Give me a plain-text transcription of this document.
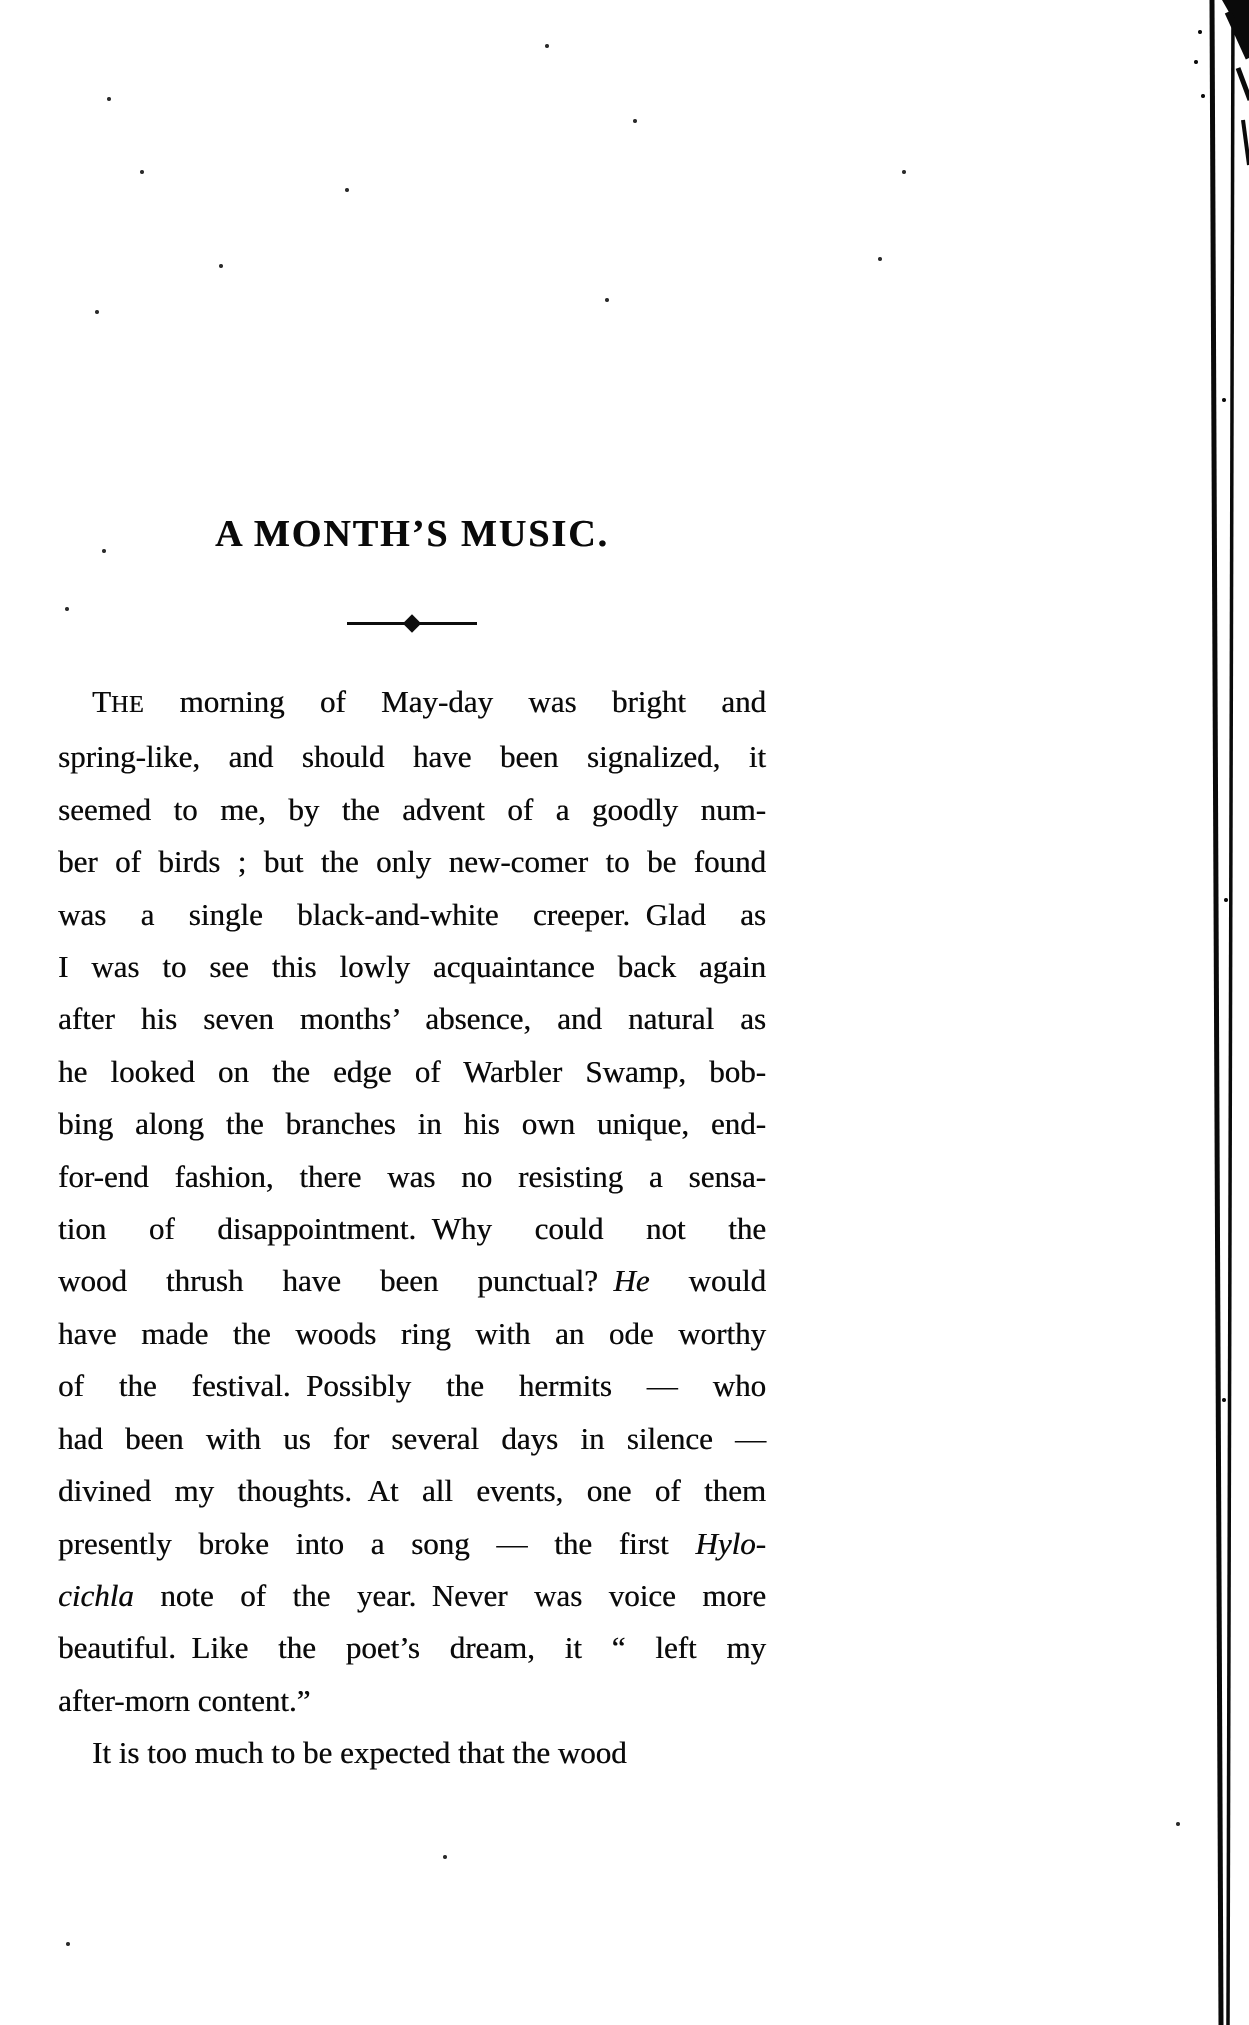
A MONTH’S MUSIC.
THE morning of May-day was bright and
spring-like, and should have been signalized, it
seemed to me, by the advent of a goodly num-
ber of birds ; but the only new-comer to be found
was a single black-and-white creeper. Glad as
I was to see this lowly acquaintance back again
after his seven months’ absence, and natural as
he looked on the edge of Warbler Swamp, bob-
bing along the branches in his own unique, end-
for-end fashion, there was no resisting a sensa-
tion of disappointment. Why could not the
wood thrush have been punctual? He would
have made the woods ring with an ode worthy
of the festival. Possibly the hermits — who
had been with us for several days in silence —
divined my thoughts. At all events, one of them
presently broke into a song — the first Hylo-
cichla note of the year. Never was voice more
beautiful. Like the poet’s dream, it “ left my
after-morn content.”
It is too much to be expected that the wood
